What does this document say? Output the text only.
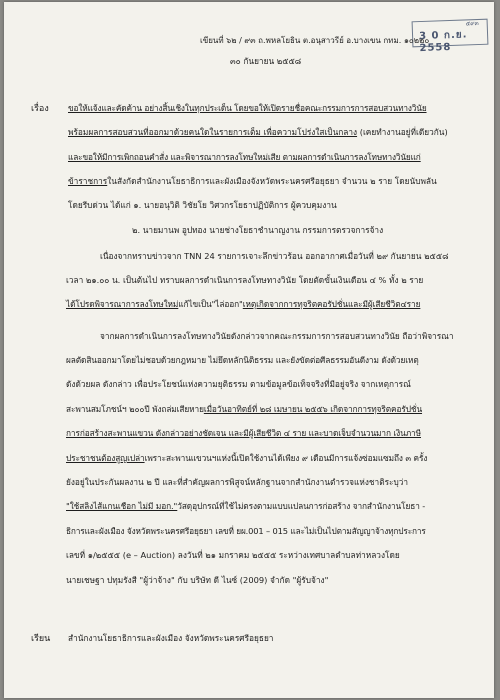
๕๙๓
3 0 ก.ย. 2558
เขียนที่ ๖๒ / ๙๓ ถ.พหลโยธิน ต.อนุสาวรีย์ อ.บางเขน กทม. ๑๐๒๒๐
๓๐ กันยายน ๒๕๕๘
เรื่อง ขอให้แจ้งและคัดค้าน อย่างสิ้นเชิงในทุกประเด็น โดยขอให้เปิดรายชื่อคณะกรรมการการสอบสวนทางวินัย
พร้อมผลการสอบสวนที่ออกมาด้วยคนใดในรายการเต็ม เพื่อความโปร่งใสเป็นกลาง (เคยทำงานอยู่ที่เดียวกัน)
และขอให้มีการเพิกถอนคำสั่ง และพิจารณาการลงโทษใหม่เสีย ตามผลการดำเนินการลงโทษทางวินัยแก่
ข้าราชการในสังกัดสำนักงานโยธาธิการและผังเมืองจังหวัดพระนครศรีอยุธยา จำนวน ๒ ราย โดยนับพลัน
โดยรีบด่วน ได้แก่ ๑. นายอนุวิติ วิชัยโย วิศวกรโยธาปฏิบัติการ ผู้ควบคุมงาน
๒. นายมานพ อูปทอง นายช่างโยธาชำนาญงาน กรรมการตรวจการจ้าง
เนื่องจากทราบข่าวจาก TNN 24 รายการเจาะลึกข่าวร้อน ออกอากาศเมื่อวันที่ ๒๙ กันยายน ๒๕๕๘
เวลา ๒๑.๐๐ น. เป็นต้นไป ทราบผลการดำเนินการลงโทษทางวินัย โดยตัดขั้นเงินเดือน ๔ % ทั้ง ๒ ราย
ได้โปรดพิจารณาการลงโทษใหม่แก้ไขเป็น"ไล่ออก"เหตุเกิดจากการทุจริตคอรัปชั่นและมีผู้เสียชีวิต๔ราย
จากผลการดำเนินการลงโทษทางวินัยดังกล่าวจากคณะกรรมการการสอบสวนทางวินัย ถือว่าพิจารณา
ผลตัดสินออกมาโดยไม่ชอบด้วยกฎหมาย ไม่ยึดหลักนิติธรรม และยังขัดต่อศีลธรรมอันดีงาม ดังด้วยเหตุ
ดังด้วยผล ดังกล่าว เพื่อประโยชน์แห่งความยุติธรรม ตามข้อมูลข้อเท็จจริงที่มีอยู่จริง จากเหตุการณ์
สะพานสมโภชน์ฯ ๒๐๐ปี พังถล่มเสียหายเมื่อวันอาทิตย์ที่ ๒๘ เมษายน ๒๕๕๖ เกิดจากการทุจริตคอรัปชั่น
การก่อสร้างสะพานแขวน ดังกล่าวอย่างชัดเจน และมีผู้เสียชีวิต ๔ ราย และบาดเจ็บจำนวนมาก เงินภาษี
ประชาชนต้องสูญเปล่าเพราะสะพานแขวนฯแห่งนี้เปิดใช้งานได้เพียง ๙ เดือนมีการแจ้งซ่อมแซมถึง ๓ ครั้ง
ยังอยู่ในประกันผลงาน ๒ ปี และที่สำคัญผลการพิสูจน์หลักฐานจากสำนักงานตำรวจแห่งชาติระบุว่า
"ใช้สลิงไส้แกนเชือก ไม่มี มอก."วัสดุอุปกรณ์ที่ใช้ไม่ตรงตามแบบแปลนการก่อสร้าง จากสำนักงานโยธา -
ธิการและผังเมือง จังหวัดพระนครศรีอยุธยา เลขที่ ยผ.001 – 015 และไม่เป็นไปตามสัญญาจ้างทุกประการ
เลขที่ ๑/๒๕๕๕ (e – Auction) ลงวันที่ ๒๑ มกราคม ๒๕๕๕ ระหว่างเทศบาลตำบลท่าหลวงโดย
นายเชษฐา ปทุมรังสี "ผู้ว่าจ้าง" กับ บริษัท ดี ไนซ์ (2009) จำกัด "ผู้รับจ้าง"
เรียน สำนักงานโยธาธิการและผังเมือง จังหวัดพระนครศรีอยุธยา
